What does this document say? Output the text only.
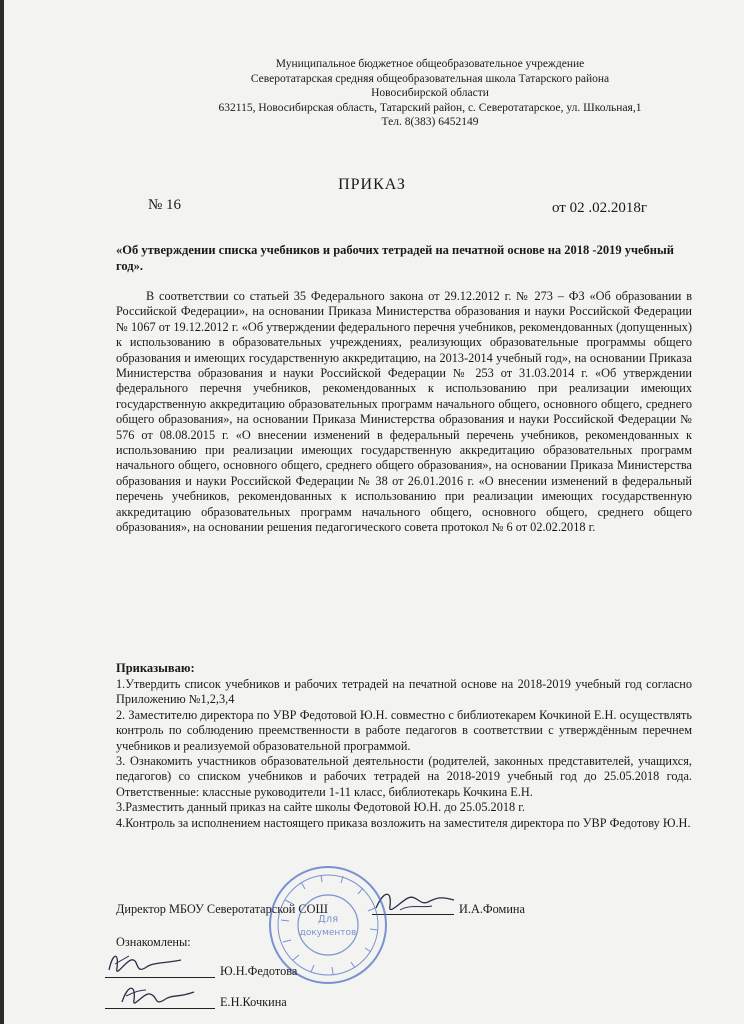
Муниципальное бюджетное общеобразовательное учреждение
Северотатарская средняя общеобразовательная школа Татарского района
Новосибирской области
632115, Новосибирская область, Татарский район, с. Северотатарское, ул. Школьная,1
Тел. 8(383) 6452149
ПРИКАЗ
№ 16	от 02 .02.2018г
«Об утверждении списка учебников и рабочих тетрадей на печатной основе на 2018 -2019 учебный год».

В соответствии со статьей 35 Федерального закона от 29.12.2012 г. № 273 – ФЗ «Об образовании в Российской Федерации», на основании Приказа Министерства образования и науки Российской Федерации № 1067 от 19.12.2012 г. «Об утверждении федерального перечня учебников, рекомендованных (допущенных) к использованию в образовательных учреждениях, реализующих образовательные программы общего образования и имеющих государственную аккредитацию, на 2013-2014 учебный год», на основании Приказа Министерства образования и науки Российской Федерации № 253 от 31.03.2014 г. «Об утверждении федерального перечня учебников, рекомендованных к использованию при реализации имеющих государственную аккредитацию образовательных программ начального общего, основного общего, среднего общего образования», на основании Приказа Министерства образования и науки Российской Федерации № 576 от 08.08.2015 г. «О внесении изменений в федеральный перечень учебников, рекомендованных к использованию при реализации имеющих государственную аккредитацию образовательных программ начального общего, основного общего, среднего общего образования», на основании Приказа Министерства образования и науки Российской Федерации № 38 от 26.01.2016 г. «О внесении изменений в федеральный перечень учебников, рекомендованных к использованию при реализации имеющих государственную аккредитацию образовательных программ начального общего, основного общего, среднего общего образования», на основании решения педагогического совета протокол № 6 от 02.02.2018 г.

Приказываю:

1.Утвердить список учебников и рабочих тетрадей на печатной основе на 2018-2019 учебный год согласно Приложению №1,2,3,4

2. Заместителю директора по УВР Федотовой Ю.Н. совместно с библиотекарем Кочкиной Е.Н. осуществлять контроль по соблюдению преемственности в работе педагогов в соответствии с утверждённым перечнем учебников и реализуемой образовательной программой.

3. Ознакомить участников образовательной деятельности (родителей, законных представителей, учащихся, педагогов) со списком учебников и рабочих тетрадей на 2018-2019 учебный год до 25.05.2018 года. Ответственные: классные руководители 1-11 класс, библиотекарь Кочкина Е.Н.

3.Разместить данный приказ на сайте школы Федотовой Ю.Н. до 25.05.2018 г.

4.Контроль за исполнением настоящего приказа возложить на заместителя директора по УВР Федотову Ю.Н.

Директор МБОУ Северотатарской СОШ	И.А.Фомина
Для
документов
Ознакомлены:
Ю.Н.Федотова
Е.Н.Кочкина
